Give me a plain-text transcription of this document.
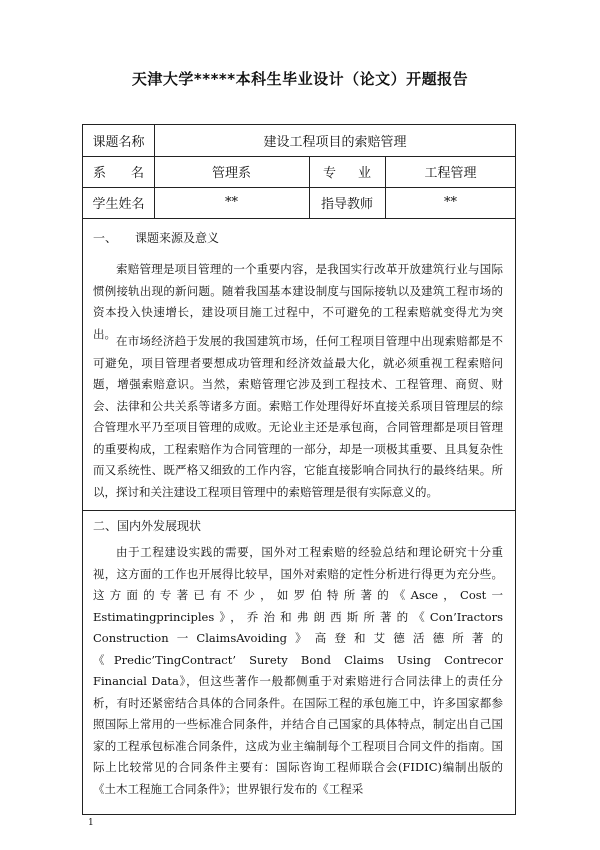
天津大学*****本科生毕业设计（论文）开题报告
课题名称	建设工程项目的索赔管理
系 名	管理系	专 业	工程管理
学生姓名	**	指导教师	**
一、　　课题来源及意义

索赔管理是项目管理的一个重要内容，是我国实行改革开放建筑行业与国际惯例接轨出现的新问题。随着我国基本建设制度与国际接轨以及建筑工程市场的资本投入快速增长，建设项目施工过程中，不可避免的工程索赔就变得尤为突出。

在市场经济趋于发展的我国建筑市场，任何工程项目管理中出现索赔都是不可避免，项目管理者要想成功管理和经济效益最大化，就必须重视工程索赔问题，增强索赔意识。当然，索赔管理它涉及到工程技术、工程管理、商贸、财会、法律和公共关系等诸多方面。索赔工作处理得好坏直接关系项目管理层的综合管理水平乃至项目管理的成败。无论业主还是承包商，合同管理都是项目管理的重要构成，工程索赔作为合同管理的一部分，却是一项极其重要、且具复杂性而又系统性、既严格又细致的工作内容，它能直接影响合同执行的最终结果。所以，探讨和关注建设工程项目管理中的索赔管理是很有实际意义的。

二、国内外发展现状

由于工程建设实践的需要，国外对工程索赔的经验总结和理论研究十分重视，这方面的工作也开展得比较早，国外对索赔的定性分析进行得更为充分些。这方面的专著已有不少，如罗伯特所著的《Asce，Cost一Estimatingprinciples》，乔治和弗朗西斯所著的《Con’Iractors Construction一ClaimsAvoiding》高登和艾德活德所著的《Predic’TingContract’ Surety Bond Claims Using Contrecor Financial Data》，但这些著作一般都侧重于对索赔进行合同法律上的责任分析，有时还紧密结合具体的合同条件。在国际工程的承包施工中，许多国家都参照国际上常用的一些标准合同条件，并结合自己国家的具体特点，制定出自己国家的工程承包标准合同条件，这成为业主编制每个工程项目合同文件的指南。国际上比较常见的合同条件主要有：国际咨询工程师联合会(FIDIC)编制出版的《土木工程施工合同条件》；世界银行发布的《工程采

1
